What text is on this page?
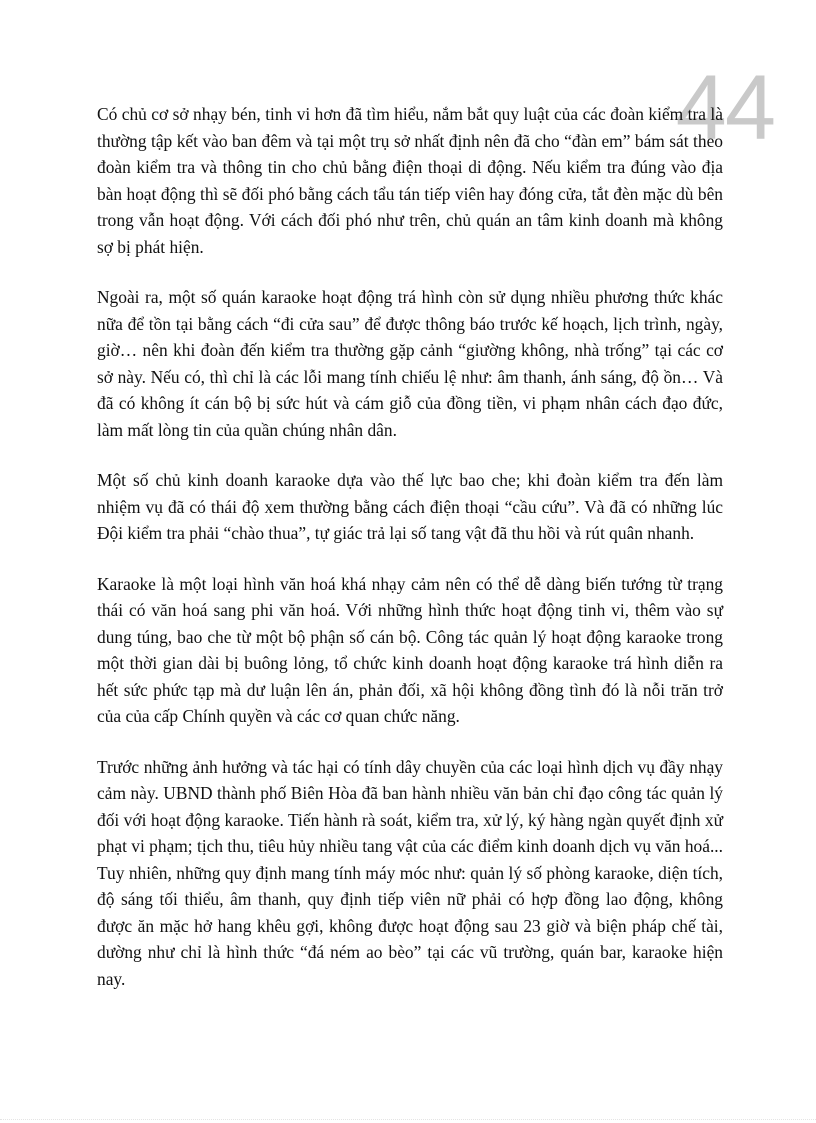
44

Có chủ cơ sở nhạy bén, tinh vi hơn đã tìm hiểu, nắm bắt quy luật của các đoàn kiểm tra là thường tập kết vào ban đêm và tại một trụ sở nhất định nên đã cho “đàn em” bám sát theo đoàn kiểm tra và thông tin cho chủ bằng điện thoại di động. Nếu kiểm tra đúng vào địa bàn hoạt động thì sẽ đối phó bằng cách tẩu tán tiếp viên hay đóng cửa, tắt đèn mặc dù bên trong vẫn hoạt động. Với cách đối phó như trên, chủ quán an tâm kinh doanh mà không sợ bị phát hiện.

Ngoài ra, một số quán karaoke hoạt động trá hình còn sử dụng nhiều phương thức khác nữa để tồn tại bằng cách “đi cửa sau” để được thông báo trước kế hoạch, lịch trình, ngày, giờ… nên khi đoàn đến kiểm tra thường gặp cảnh “giường không, nhà trống” tại các cơ sở này. Nếu có, thì chỉ là các lỗi mang tính chiếu lệ như: âm thanh, ánh sáng, độ ồn… Và đã có không ít cán bộ bị sức hút và cám giỗ của đồng tiền, vi phạm nhân cách đạo đức, làm mất lòng tin của quần chúng nhân dân.

Một số chủ kinh doanh karaoke dựa vào thế lực bao che; khi đoàn kiểm tra đến làm nhiệm vụ đã có thái độ xem thường bằng cách điện thoại “cầu cứu”. Và đã có những lúc Đội kiểm tra phải “chào thua”, tự giác trả lại số tang vật đã thu hồi và rút quân nhanh.

Karaoke là một loại hình văn hoá khá nhạy cảm nên có thể dễ dàng biến tướng từ trạng thái có văn hoá sang phi văn hoá. Với những hình thức hoạt động tinh vi, thêm vào sự dung túng, bao che từ một bộ phận số cán bộ. Công tác quản lý hoạt động karaoke trong một thời gian dài bị buông lỏng, tổ chức kinh doanh hoạt động karaoke trá hình diễn ra hết sức phức tạp mà dư luận lên án, phản đối, xã hội không đồng tình đó là nỗi trăn trở của của cấp Chính quyền và các cơ quan chức năng.

Trước những ảnh hưởng và tác hại có tính dây chuyền của các loại hình dịch vụ đầy nhạy cảm này. UBND thành phố Biên Hòa đã ban hành nhiều văn bản chỉ đạo công tác quản lý đối với hoạt động karaoke. Tiến hành rà soát, kiểm tra, xử lý, ký hàng ngàn quyết định xử phạt vi phạm; tịch thu, tiêu hủy nhiều tang vật của các điểm kinh doanh dịch vụ văn hoá... Tuy nhiên, những quy định mang tính máy móc như: quản lý số phòng karaoke, diện tích, độ sáng tối thiểu, âm thanh, quy định tiếp viên nữ phải có hợp đồng lao động, không được ăn mặc hở hang khêu gợi, không được hoạt động sau 23 giờ và biện pháp chế tài, dường như chỉ là hình thức “đá ném ao bèo” tại các vũ trường, quán bar, karaoke hiện nay.
